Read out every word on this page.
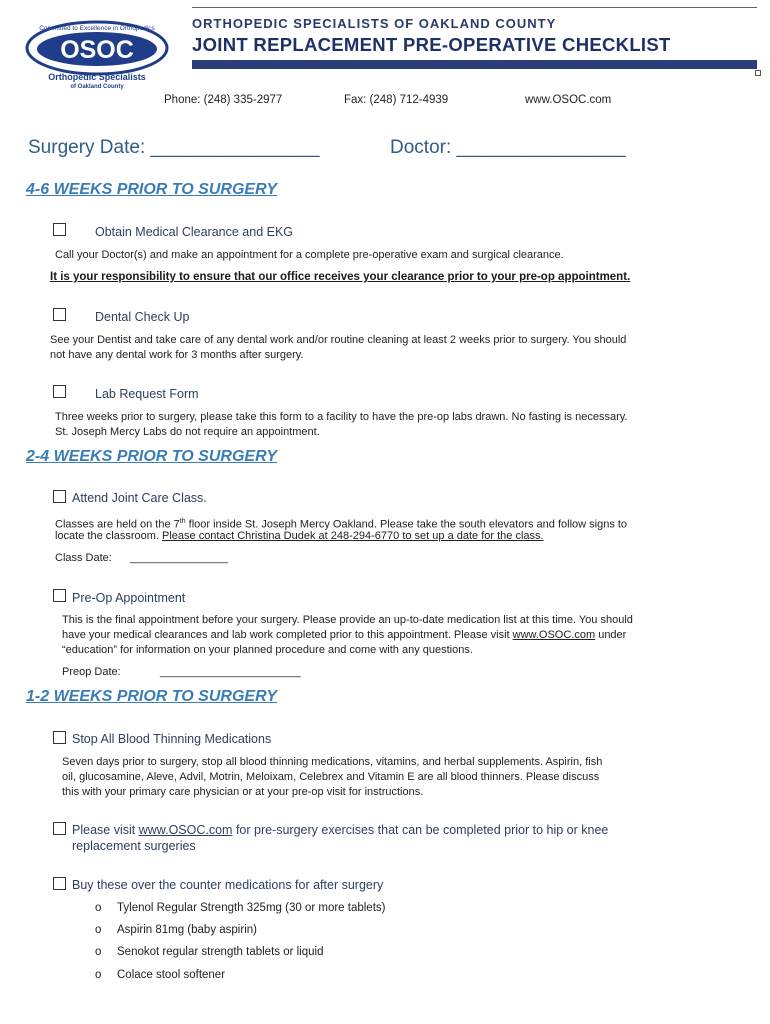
Committed to Excellence in Orthopedics
OSOC
Orthopedic Specialists
of Oakland County
ORTHOPEDIC SPECIALISTS OF OAKLAND COUNTY
JOINT REPLACEMENT PRE-OPERATIVE CHECKLIST
Phone: (248) 335-2977	Fax: (248) 712-4939	www.OSOC.com
Surgery Date: ________________	Doctor: ________________
4-6 WEEKS PRIOR TO SURGERY
Obtain Medical Clearance and EKG
Call your Doctor(s) and make an appointment for a complete pre-operative exam and surgical clearance.
It is your responsibility to ensure that our office receives your clearance prior to your pre-op appointment.
Dental Check Up
See your Dentist and take care of any dental work and/or routine cleaning at least 2 weeks prior to surgery. You should
not have any dental work for 3 months after surgery.
Lab Request Form
Three weeks prior to surgery, please take this form to a facility to have the pre-op labs drawn. No fasting is necessary.
St. Joseph Mercy Labs do not require an appointment.
2-4 WEEKS PRIOR TO SURGERY
Attend Joint Care Class.
Classes are held on the 7th floor inside St. Joseph Mercy Oakland. Please take the south elevators and follow signs to
locate the classroom. Please contact Christina Dudek at 248-294-6770 to set up a date for the class.
Class Date: ________________
Pre-Op Appointment
This is the final appointment before your surgery. Please provide an up-to-date medication list at this time. You should
have your medical clearances and lab work completed prior to this appointment. Please visit www.OSOC.com under
“education” for information on your planned procedure and come with any questions.
Preop Date:	_______________________
1-2 WEEKS PRIOR TO SURGERY
Stop All Blood Thinning Medications
Seven days prior to surgery, stop all blood thinning medications, vitamins, and herbal supplements. Aspirin, fish
oil, glucosamine, Aleve, Advil, Motrin, Meloixam, Celebrex and Vitamin E are all blood thinners. Please discuss
this with your primary care physician or at your pre-op visit for instructions.
Please visit www.OSOC.com for pre-surgery exercises that can be completed prior to hip or knee
replacement surgeries
Buy these over the counter medications for after surgery
o Tylenol Regular Strength 325mg (30 or more tablets)
o Aspirin 81mg (baby aspirin)
o Senokot regular strength tablets or liquid
o Colace stool softener
